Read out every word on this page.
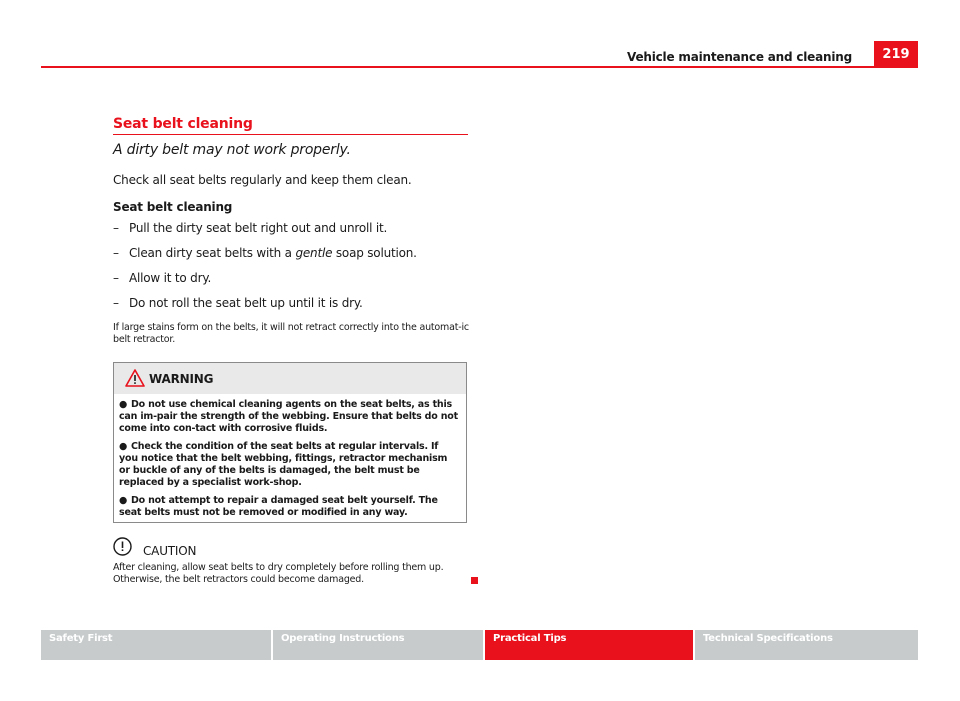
Vehicle maintenance and cleaning	219
Seat belt cleaning
A dirty belt may not work properly.
Check all seat belts regularly and keep them clean.
Seat belt cleaning
– Pull the dirty seat belt right out and unroll it.
– Clean dirty seat belts with a gentle soap solution.
– Allow it to dry.
– Do not roll the seat belt up until it is dry.
If large stains form on the belts, it will not retract correctly into the automat-ic belt retractor.
WARNING
● Do not use chemical cleaning agents on the seat belts, as this can im-pair the strength of the webbing. Ensure that belts do not come into con-tact with corrosive fluids.
● Check the condition of the seat belts at regular intervals. If you notice that the belt webbing, fittings, retractor mechanism or buckle of any of the belts is damaged, the belt must be replaced by a specialist work-shop.
● Do not attempt to repair a damaged seat belt yourself. The seat belts must not be removed or modified in any way.
CAUTION
After cleaning, allow seat belts to dry completely before rolling them up. Otherwise, the belt retractors could become damaged.
Safety First	Operating Instructions	Practical Tips	Technical Specifications
